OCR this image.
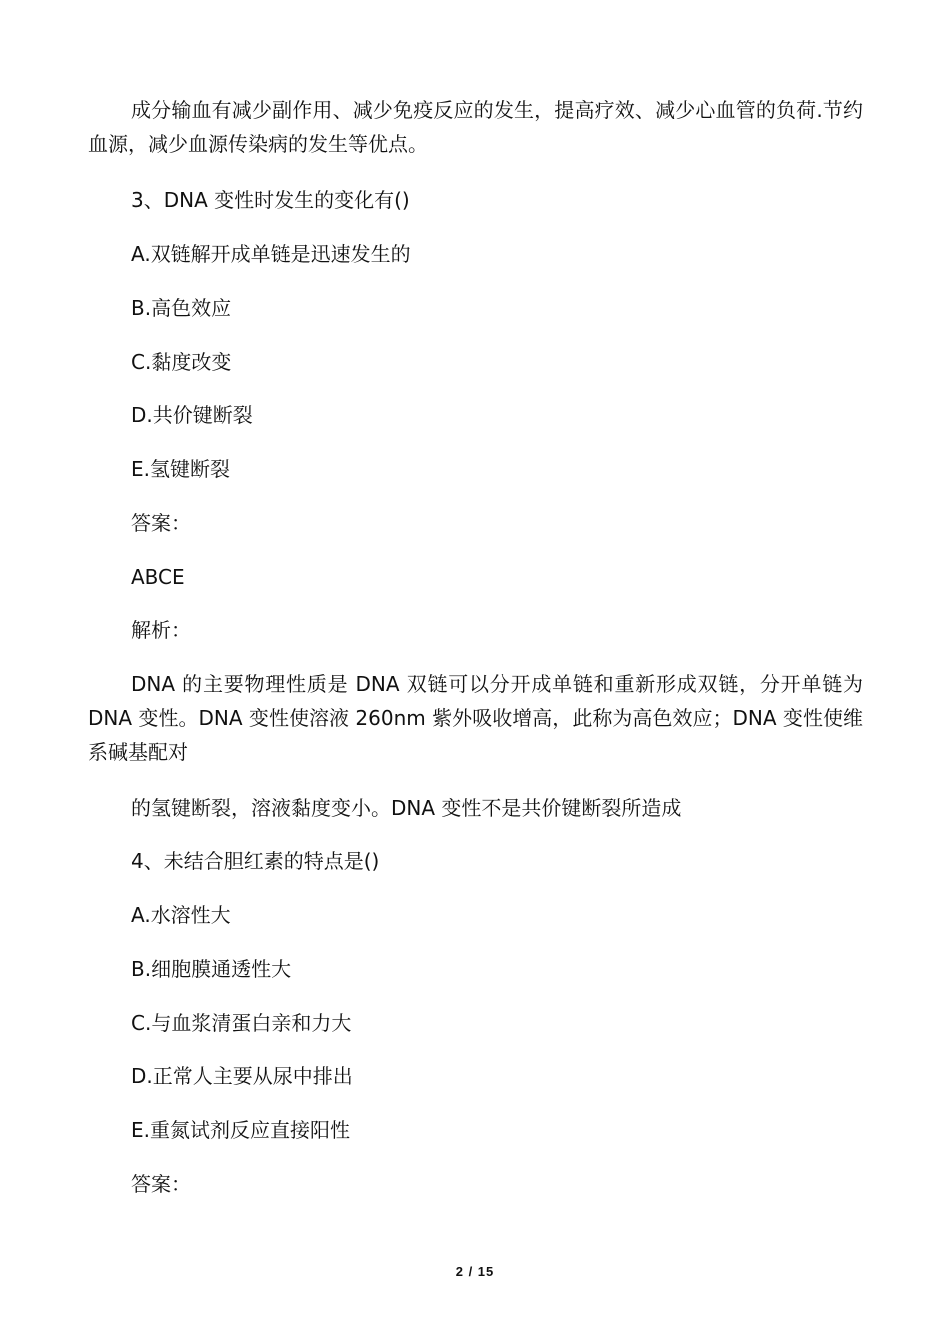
成分输血有减少副作用、减少免疫反应的发生，提高疗效、减少心血管的负荷.节约血源，减少血源传染病的发生等优点。
3、DNA 变性时发生的变化有()
A.双链解开成单链是迅速发生的
B.高色效应
C.黏度改变
D.共价键断裂
E.氢键断裂
答案：
ABCE
解析：
DNA 的主要物理性质是 DNA 双链可以分开成单链和重新形成双链，分开单链为 DNA 变性。DNA 变性使溶液 260nm 紫外吸收增高，此称为高色效应；DNA 变性使维系碱基配对
的氢键断裂，溶液黏度变小。DNA 变性不是共价键断裂所造成
4、未结合胆红素的特点是()
A.水溶性大
B.细胞膜通透性大
C.与血浆清蛋白亲和力大
D.正常人主要从尿中排出
E.重氮试剂反应直接阳性
答案：
2 / 15
